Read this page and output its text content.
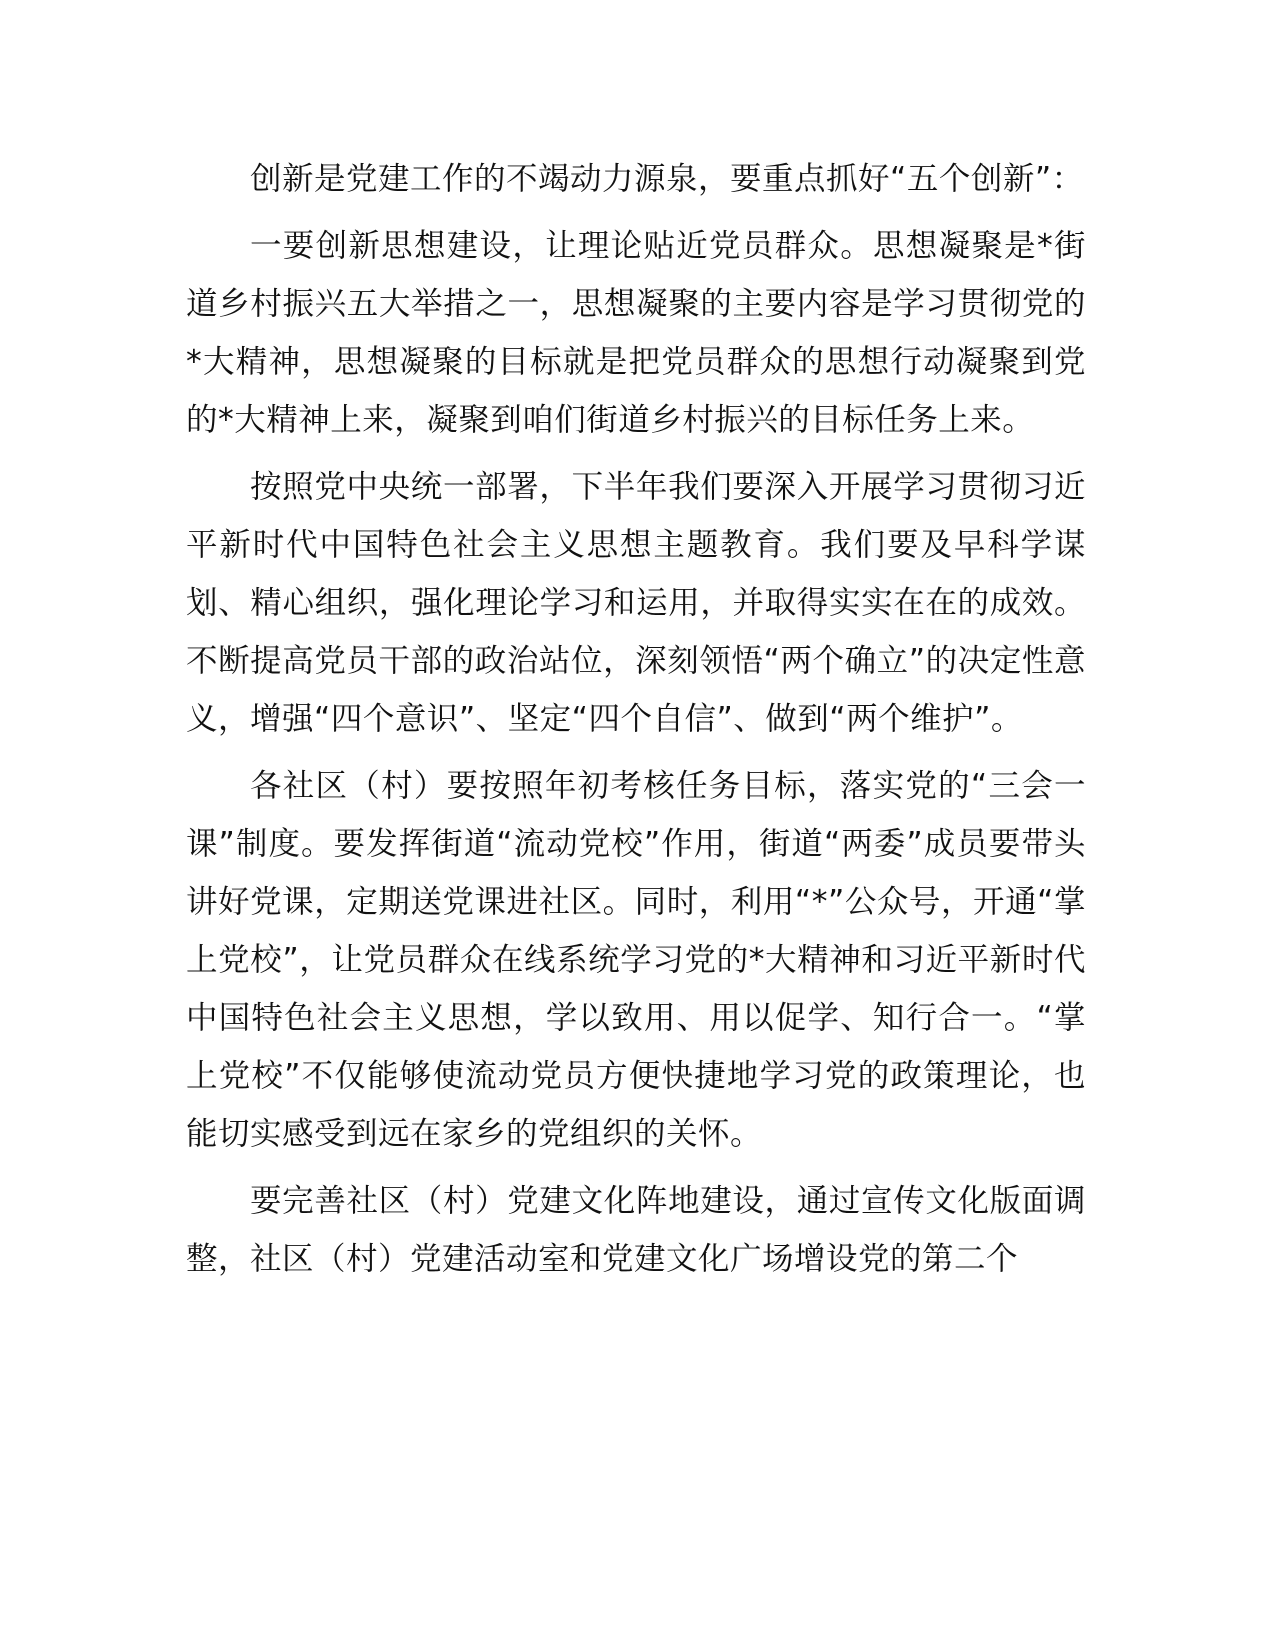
创新是党建工作的不竭动力源泉，要重点抓好“五个创新”：

一要创新思想建设，让理论贴近党员群众。思想凝聚是*街道乡村振兴五大举措之一，思想凝聚的主要内容是学习贯彻党的*大精神，思想凝聚的目标就是把党员群众的思想行动凝聚到党的*大精神上来，凝聚到咱们街道乡村振兴的目标任务上来。

按照党中央统一部署，下半年我们要深入开展学习贯彻习近平新时代中国特色社会主义思想主题教育。我们要及早科学谋划、精心组织，强化理论学习和运用，并取得实实在在的成效。不断提高党员干部的政治站位，深刻领悟“两个确立”的决定性意义，增强“四个意识”、坚定“四个自信”、做到“两个维护”。

各社区（村）要按照年初考核任务目标，落实党的“三会一课”制度。要发挥街道“流动党校”作用，街道“两委”成员要带头讲好党课，定期送党课进社区。同时，利用“*”公众号，开通“掌上党校”，让党员群众在线系统学习党的*大精神和习近平新时代中国特色社会主义思想，学以致用、用以促学、知行合一。“掌上党校”不仅能够使流动党员方便快捷地学习党的政策理论，也能切实感受到远在家乡的党组织的关怀。

要完善社区（村）党建文化阵地建设，通过宣传文化版面调整，社区（村）党建活动室和党建文化广场增设党的第二个
